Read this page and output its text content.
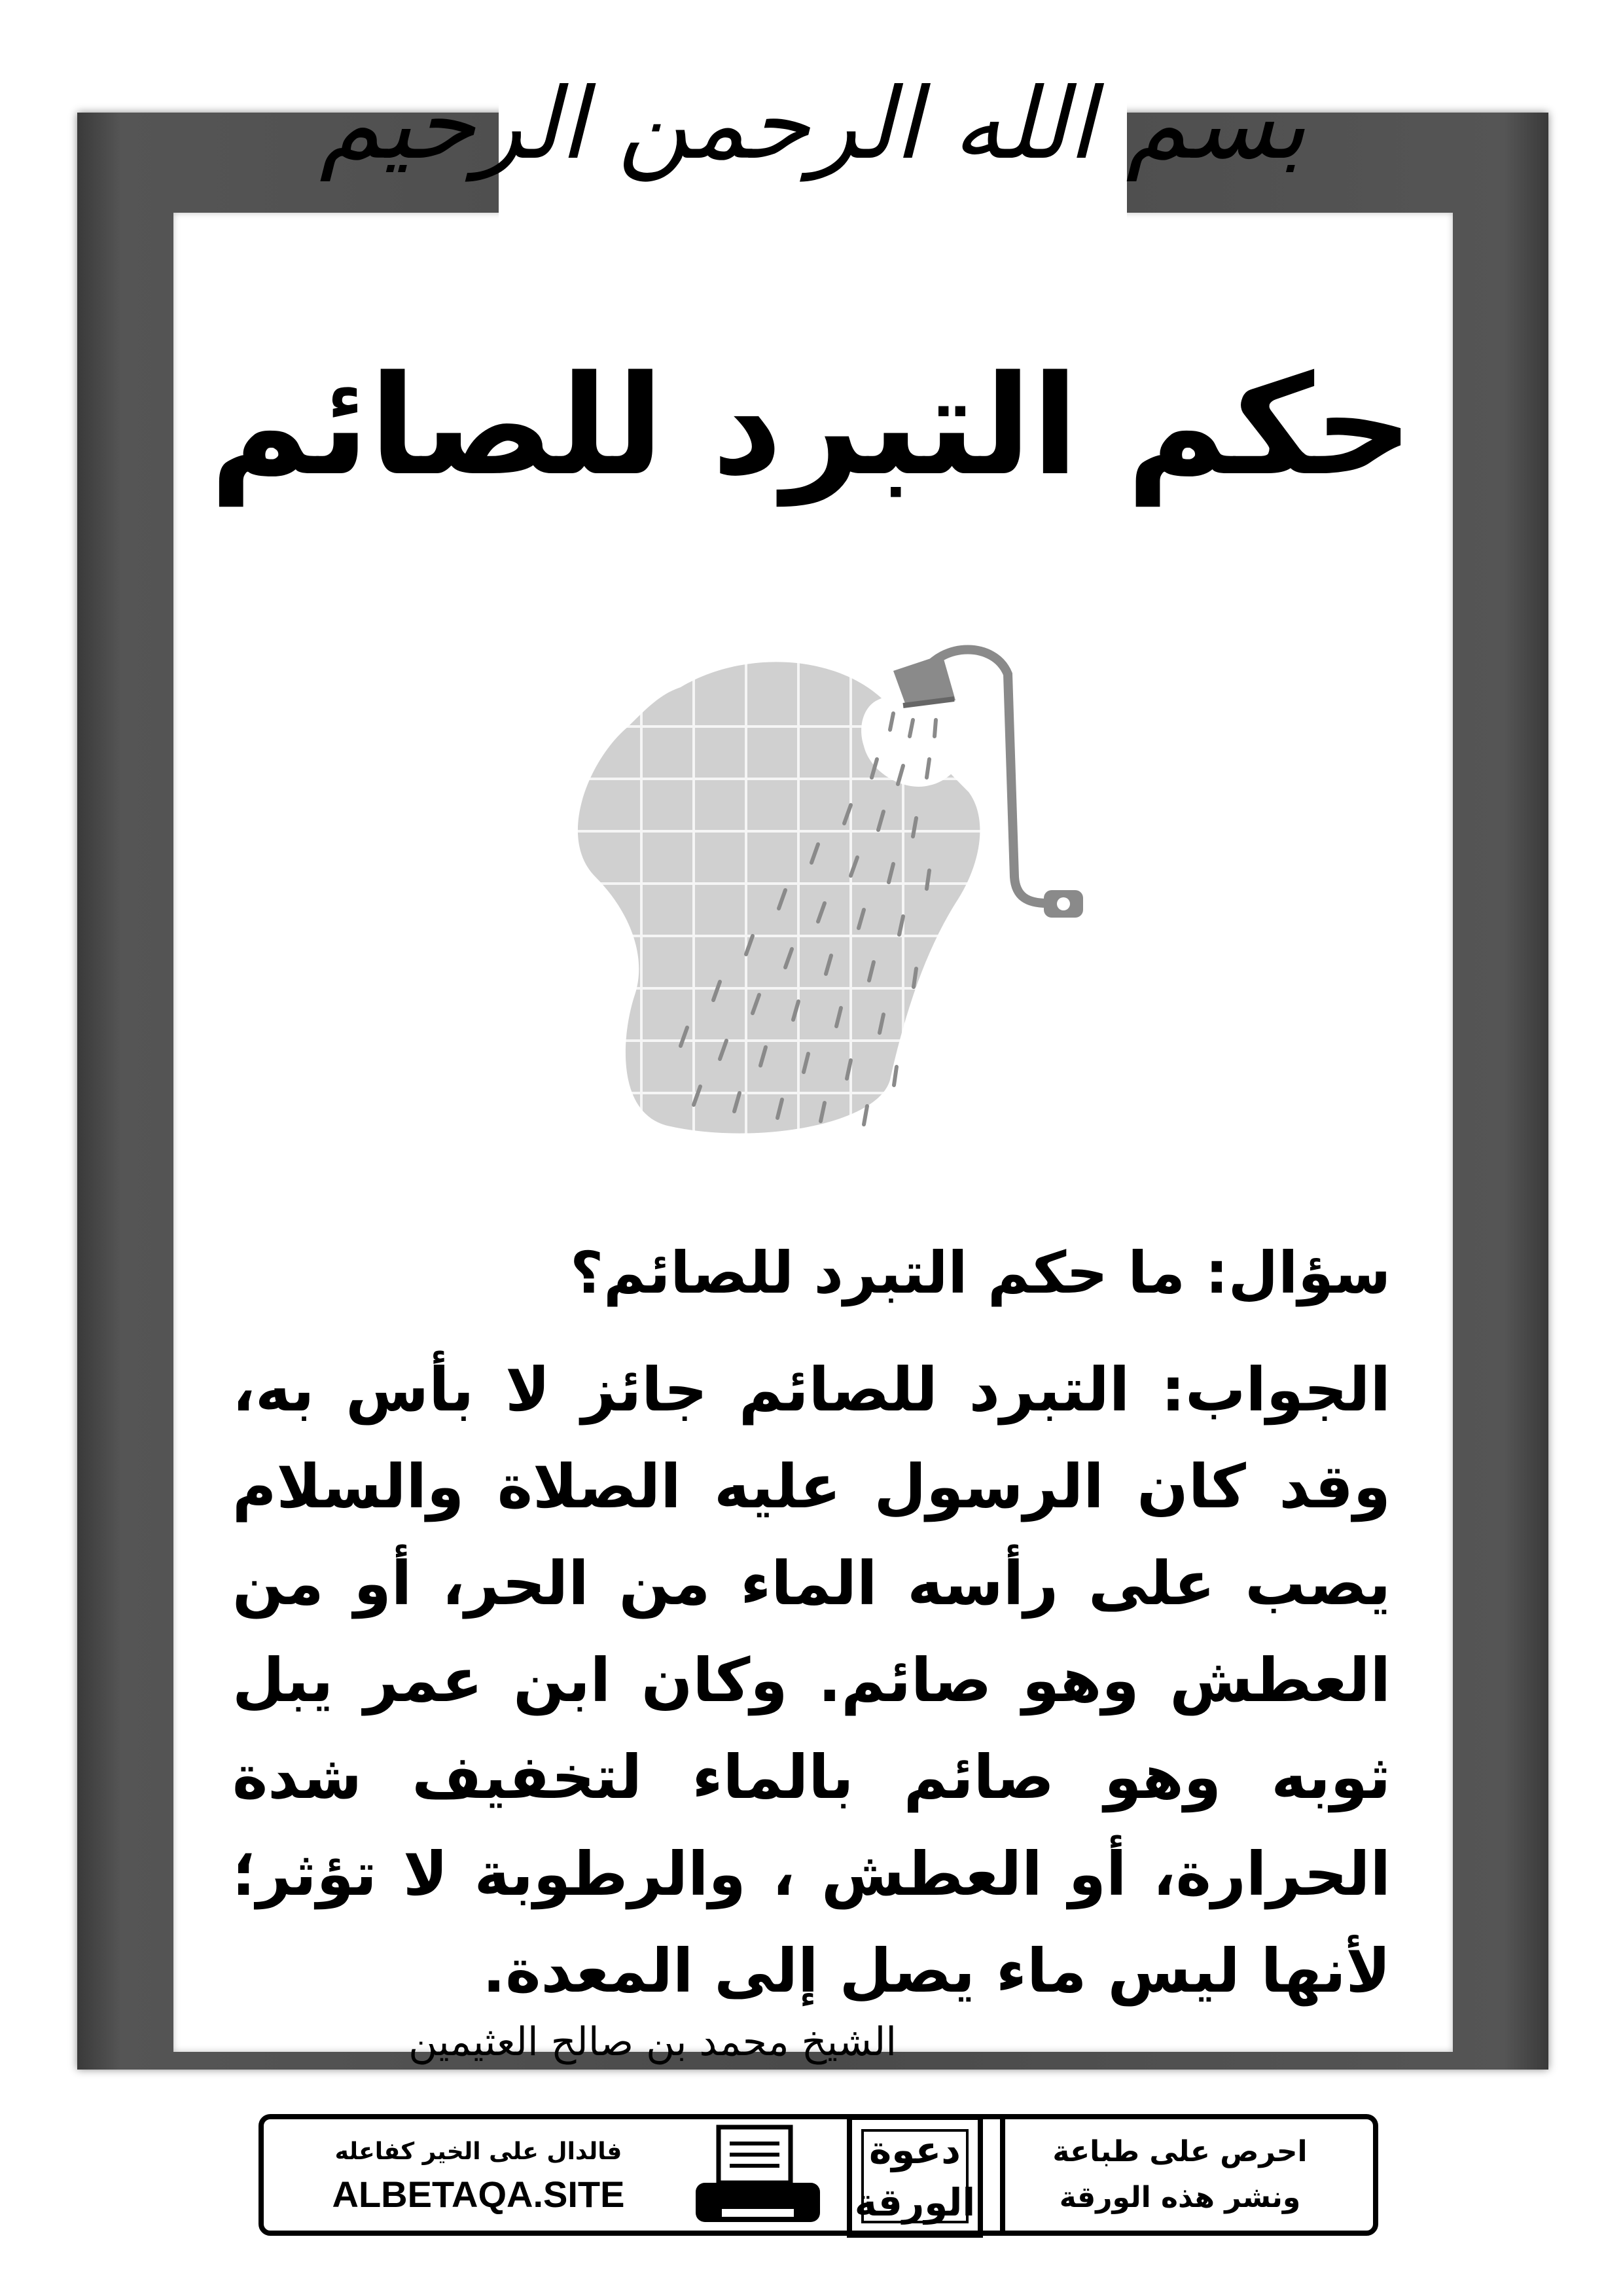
بسم الله الرحمن الرحيم
حكم التبرد للصائم

سؤال: ما حكم التبرد للصائم؟

الجواب: التبرد للصائم جائز لا بأس به، وقد كان الرسول عليه الصلاة والسلام يصب على رأسه الماء من الحر، أو من العطش وهو صائم. وكان ابن عمر يبل ثوبه وهو صائم بالماء لتخفيف شدة الحرارة، أو العطش ، والرطوبة لا تؤثر؛ لأنها ليس ماء يصل إلى المعدة.

الشيخ محمد بن صالح العثيمين
فالدال على الخير كفاعله
ALBETAQA.SITE
دعوة
الورقة
احرص على طباعة
ونشر هذه الورقة
